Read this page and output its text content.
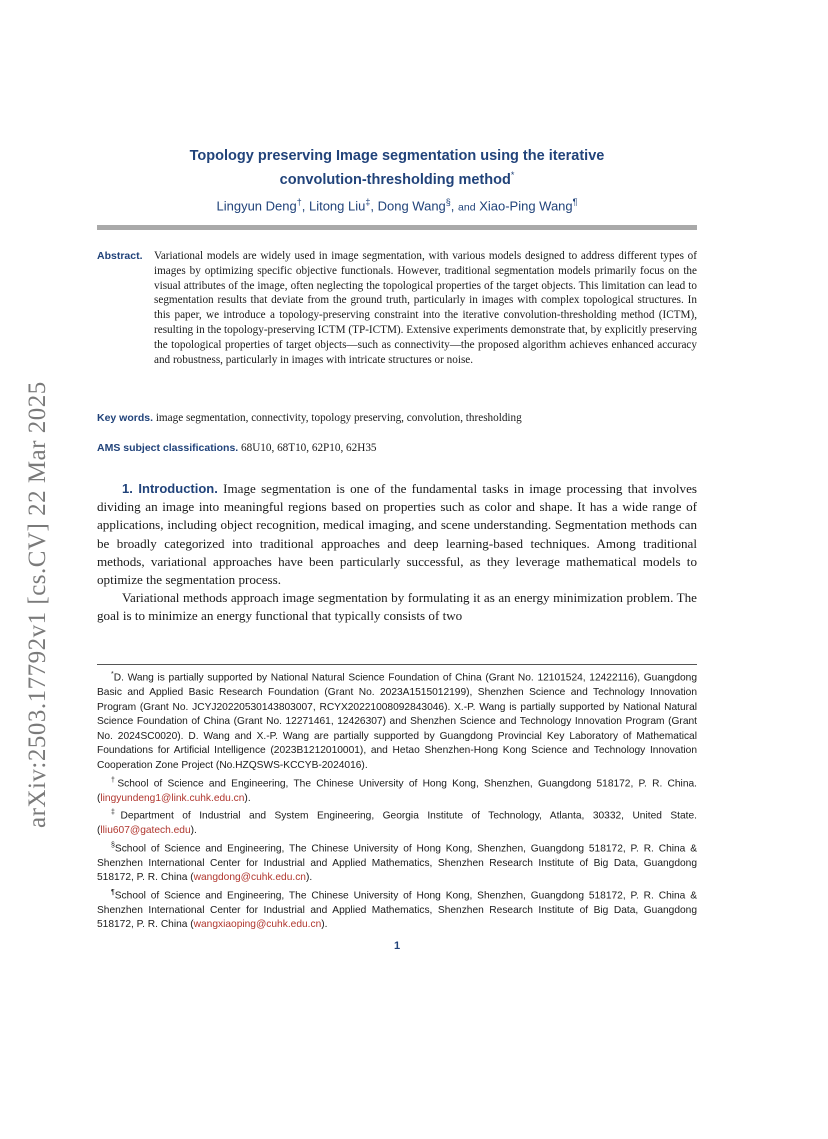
arXiv:2503.17792v1 [cs.CV] 22 Mar 2025
Topology preserving Image segmentation using the iterative
convolution-thresholding method*
Lingyun Deng†, Litong Liu‡, Dong Wang§, and Xiao-Ping Wang¶
Abstract. Variational models are widely used in image segmentation, with various models designed to address different types of images by optimizing specific objective functionals. However, traditional segmentation models primarily focus on the visual attributes of the image, often neglecting the topological properties of the target objects. This limitation can lead to segmentation results that deviate from the ground truth, particularly in images with complex topological structures. In this paper, we introduce a topology-preserving constraint into the iterative convolution-thresholding method (ICTM), resulting in the topology-preserving ICTM (TP-ICTM). Extensive experiments demonstrate that, by explicitly preserving the topological properties of target objects—such as connectivity—the proposed algorithm achieves enhanced accuracy and robustness, particularly in images with intricate structures or noise.
Key words. image segmentation, connectivity, topology preserving, convolution, thresholding
AMS subject classifications. 68U10, 68T10, 62P10, 62H35

1. Introduction. Image segmentation is one of the fundamental tasks in image processing that involves dividing an image into meaningful regions based on properties such as color and shape. It has a wide range of applications, including object recognition, medical imaging, and scene understanding. Segmentation methods can be broadly categorized into traditional approaches and deep learning-based techniques. Among traditional methods, variational approaches have been particularly successful, as they leverage mathematical models to optimize the segmentation process.

Variational methods approach image segmentation by formulating it as an energy minimization problem. The goal is to minimize an energy functional that typically consists of two

*D. Wang is partially supported by National Natural Science Foundation of China (Grant No. 12101524, 12422116), Guangdong Basic and Applied Basic Research Foundation (Grant No. 2023A1515012199), Shenzhen Science and Technology Innovation Program (Grant No. JCYJ20220530143803007, RCYX20221008092843046). X.-P. Wang is partially supported by National Natural Science Foundation of China (Grant No. 12271461, 12426307) and Shenzhen Science and Technology Innovation Program (Grant No. 2024SC0020). D. Wang and X.-P. Wang are partially supported by Guangdong Provincial Key Laboratory of Mathematical Foundations for Artificial Intelligence (2023B1212010001), and Hetao Shenzhen-Hong Kong Science and Technology Innovation Cooperation Zone Project (No.HZQSWS-KCCYB-2024016).

†School of Science and Engineering, The Chinese University of Hong Kong, Shenzhen, Guangdong 518172, P. R. China. (lingyundeng1@link.cuhk.edu.cn).

‡Department of Industrial and System Engineering, Georgia Institute of Technology, Atlanta, 30332, United State. (lliu607@gatech.edu).

§School of Science and Engineering, The Chinese University of Hong Kong, Shenzhen, Guangdong 518172, P. R. China & Shenzhen International Center for Industrial and Applied Mathematics, Shenzhen Research Institute of Big Data, Guangdong 518172, P. R. China (wangdong@cuhk.edu.cn).

¶School of Science and Engineering, The Chinese University of Hong Kong, Shenzhen, Guangdong 518172, P. R. China & Shenzhen International Center for Industrial and Applied Mathematics, Shenzhen Research Institute of Big Data, Guangdong 518172, P. R. China (wangxiaoping@cuhk.edu.cn).

1
